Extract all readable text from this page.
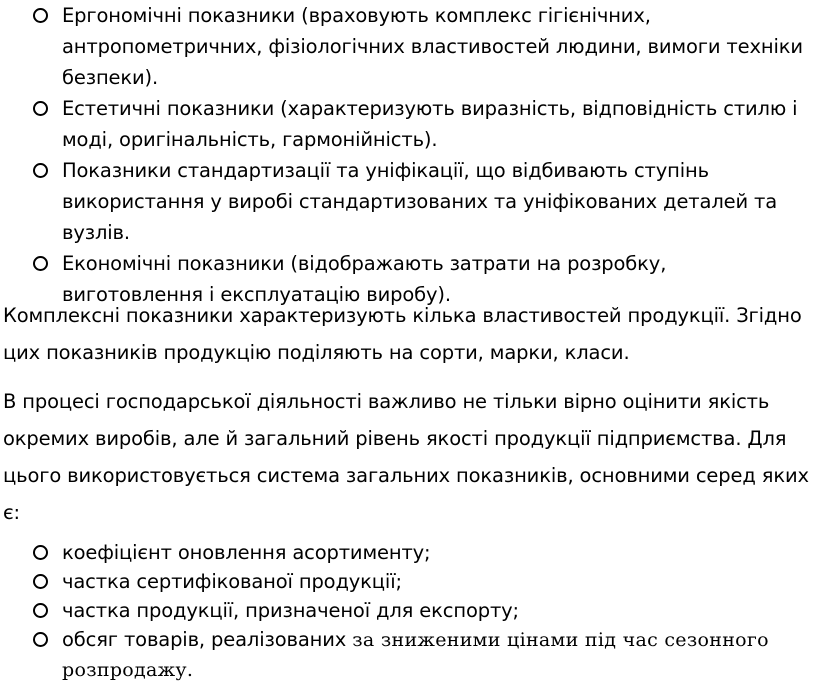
Ергономічні показники (враховують комплекс гігієнічних, антропометричних, фізіологічних властивостей людини, вимоги техніки безпеки).
Естетичні показники (характеризують виразність, відповідність стилю і моді, оригінальність, гармонійність).
Показники стандартизації та уніфікації, що відбивають ступінь використання у виробі стандартизованих та уніфікованих деталей та вузлів.
Економічні показники (відображають затрати на розробку, виготовлення і експлуатацію виробу).

Комплексні показники характеризують кілька властивостей продукції. Згідно цих показників продукцію поділяють на сорти, марки, класи.

В процесі господарської діяльності важливо не тільки вірно оцінити якість окремих виробів, але й загальний рівень якості продукції підприємства. Для цього використовується система загальних показників, основними серед яких є:

коефіцієнт оновлення асортименту;
частка сертифікованої продукції;
частка продукції, призначеної для експорту;
обсяг товарів, реалізованих за зниженими цінами під час сезонного розпродажу.
